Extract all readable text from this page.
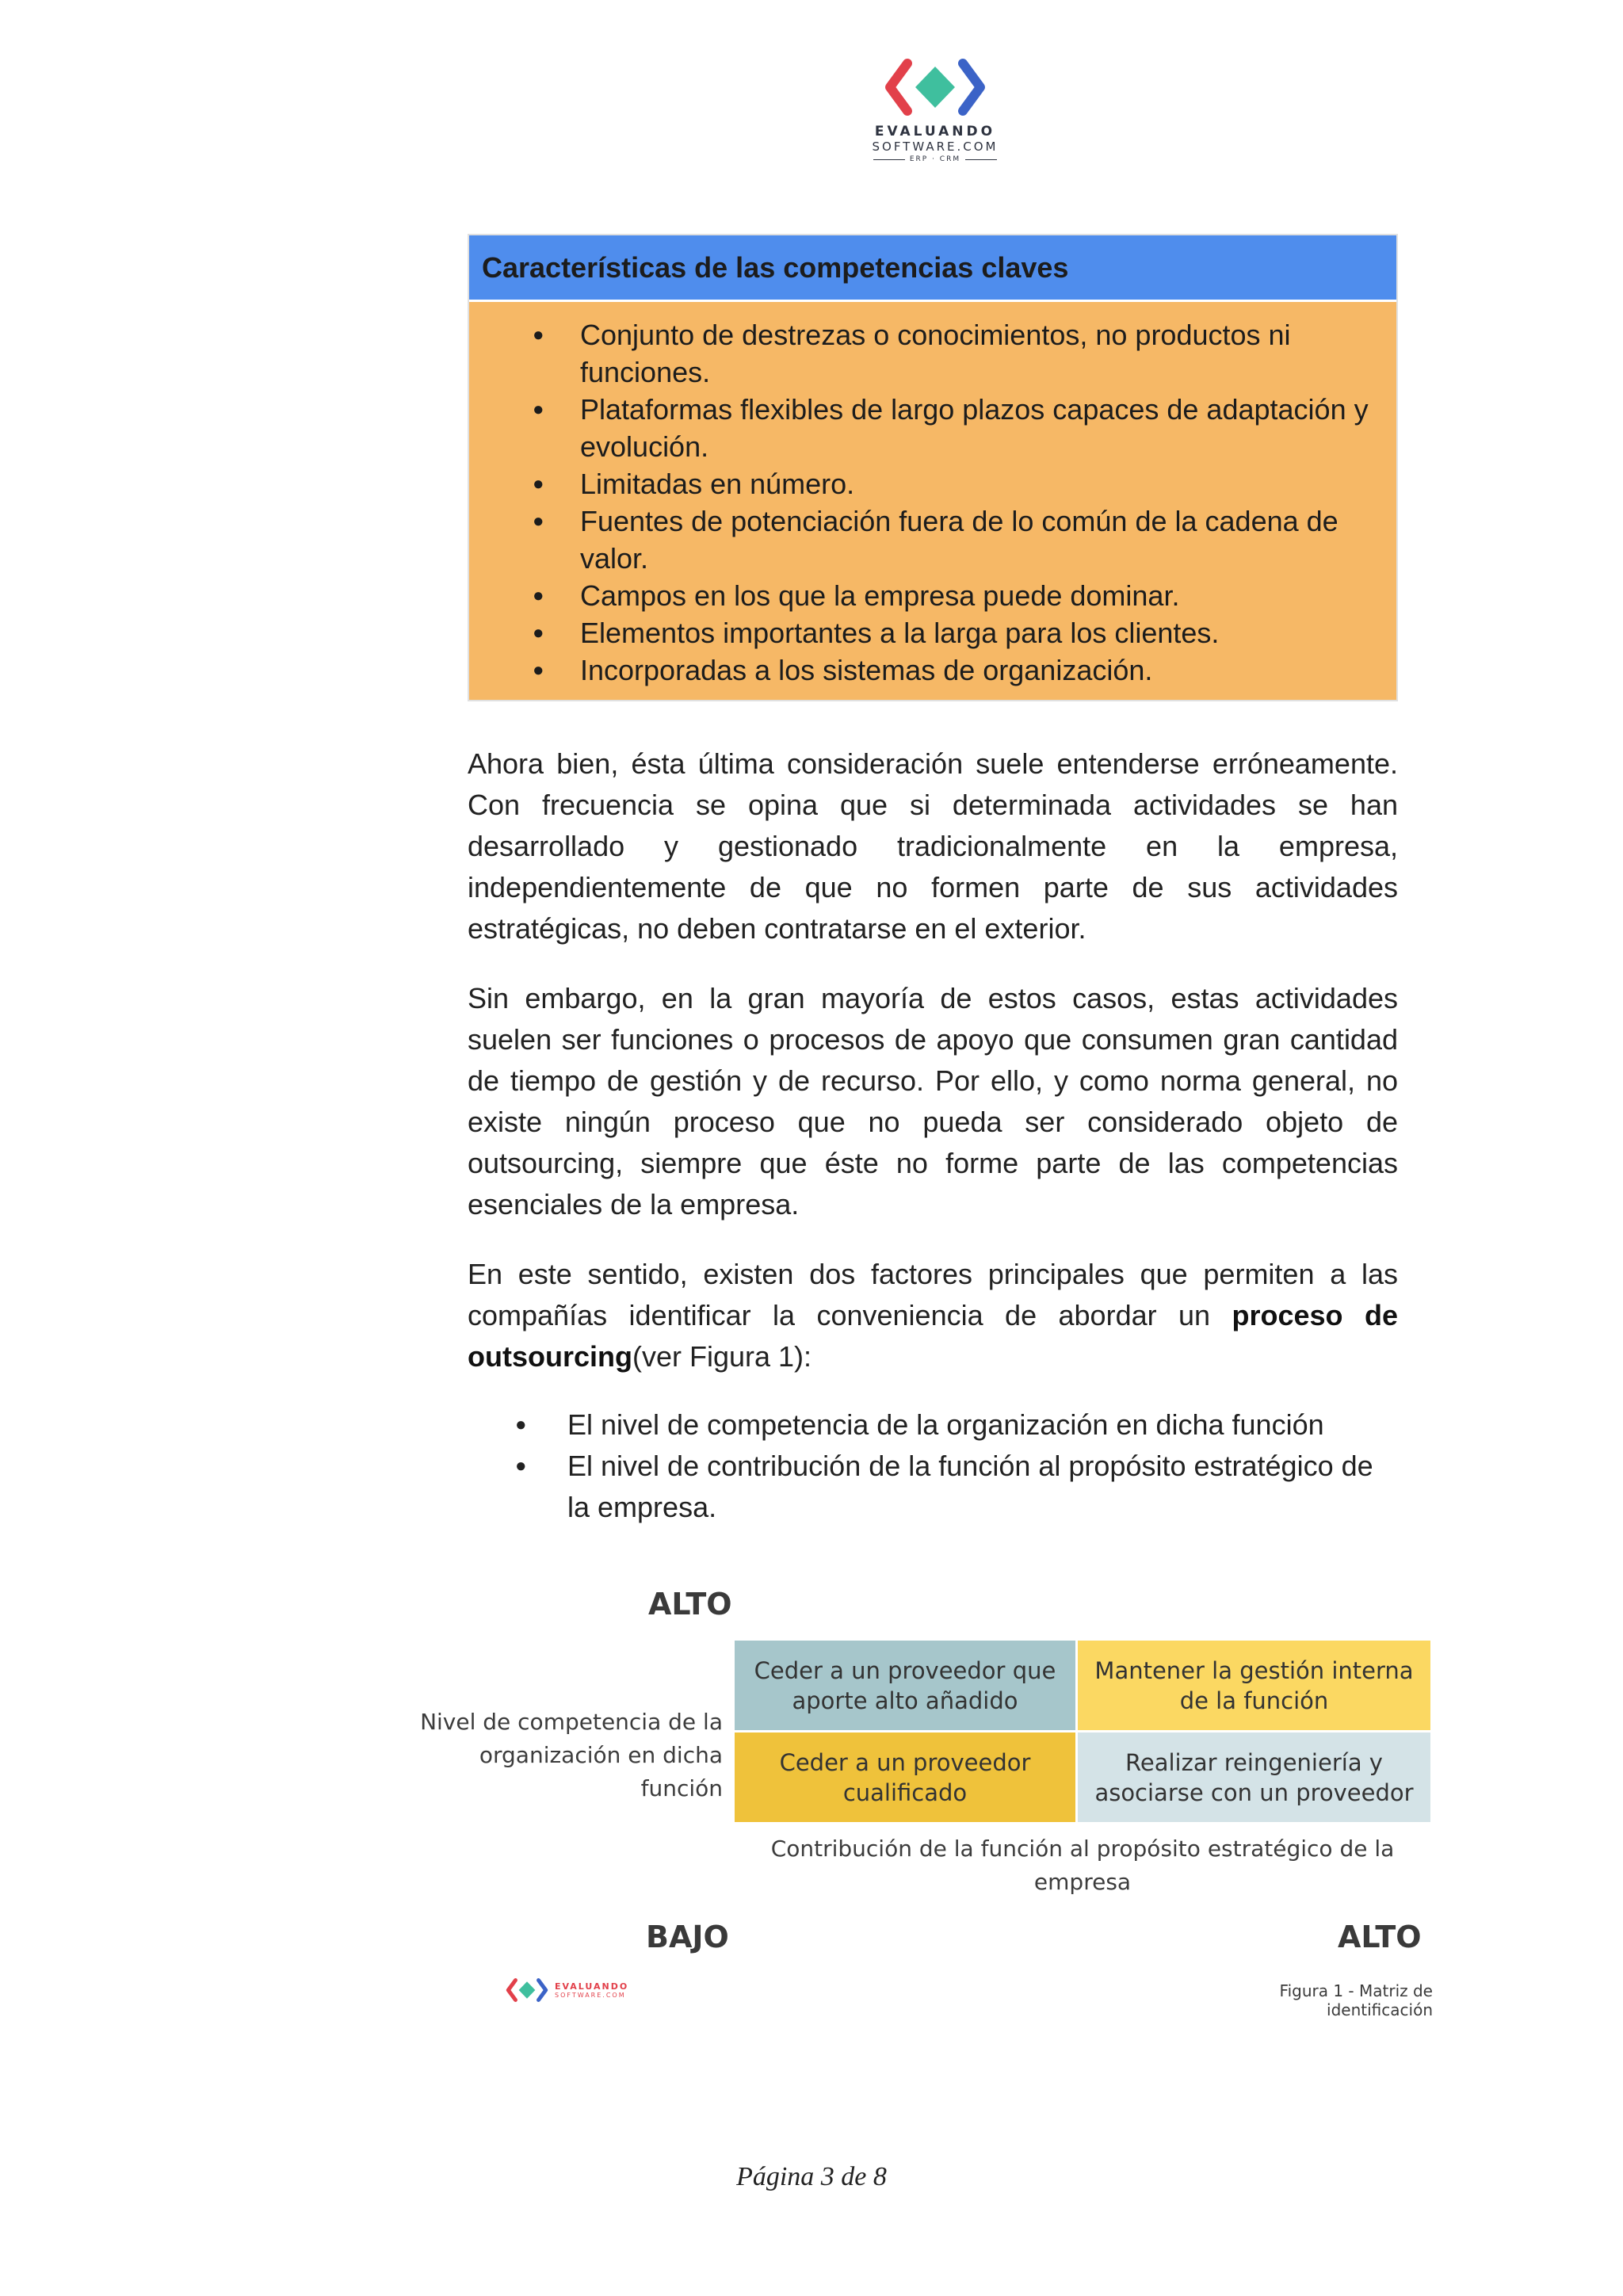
EVALUANDO
SOFTWARE.COM
ERP · CRM
Características de las competencias claves
● Conjunto de destrezas o conocimientos, no productos ni funciones.
● Plataformas flexibles de largo plazos capaces de adaptación y evolución.
● Limitadas en número.
● Fuentes de potenciación fuera de lo común de la cadena de valor.
● Campos en los que la empresa puede dominar.
● Elementos importantes a la larga para los clientes.
● Incorporadas a los sistemas de organización.
Ahora bien, ésta última consideración suele entenderse erróneamente. Con frecuencia se opina que si determinada actividades se han desarrollado y gestionado tradicionalmente en la empresa, independientemente de que no formen parte de sus actividades estratégicas, no deben contratarse en el exterior.
Sin embargo, en la gran mayoría de estos casos, estas actividades suelen ser funciones o procesos de apoyo que consumen gran cantidad de tiempo de gestión y de recurso. Por ello, y como norma general, no existe ningún proceso que no pueda ser considerado objeto de outsourcing, siempre que éste no forme parte de las competencias esenciales de la empresa.
En este sentido, existen dos factores principales que permiten a las compañías identificar la conveniencia de abordar un proceso de outsourcing(ver Figura 1):
● El nivel de competencia de la organización en dicha función
● El nivel de contribución de la función al propósito estratégico de la empresa.
ALTO
Nivel de competencia de la
organización en dicha función
Ceder a un proveedor que aporte alto añadido
Mantener la gestión interna de la función
Ceder a un proveedor cualificado
Realizar reingeniería y asociarse con un proveedor
Contribución de la función al propósito estratégico de la
empresa
BAJO	ALTO
EVALUANDO
SOFTWARE.COM	Figura 1 - Matriz de identificación
Página 3 de 8
